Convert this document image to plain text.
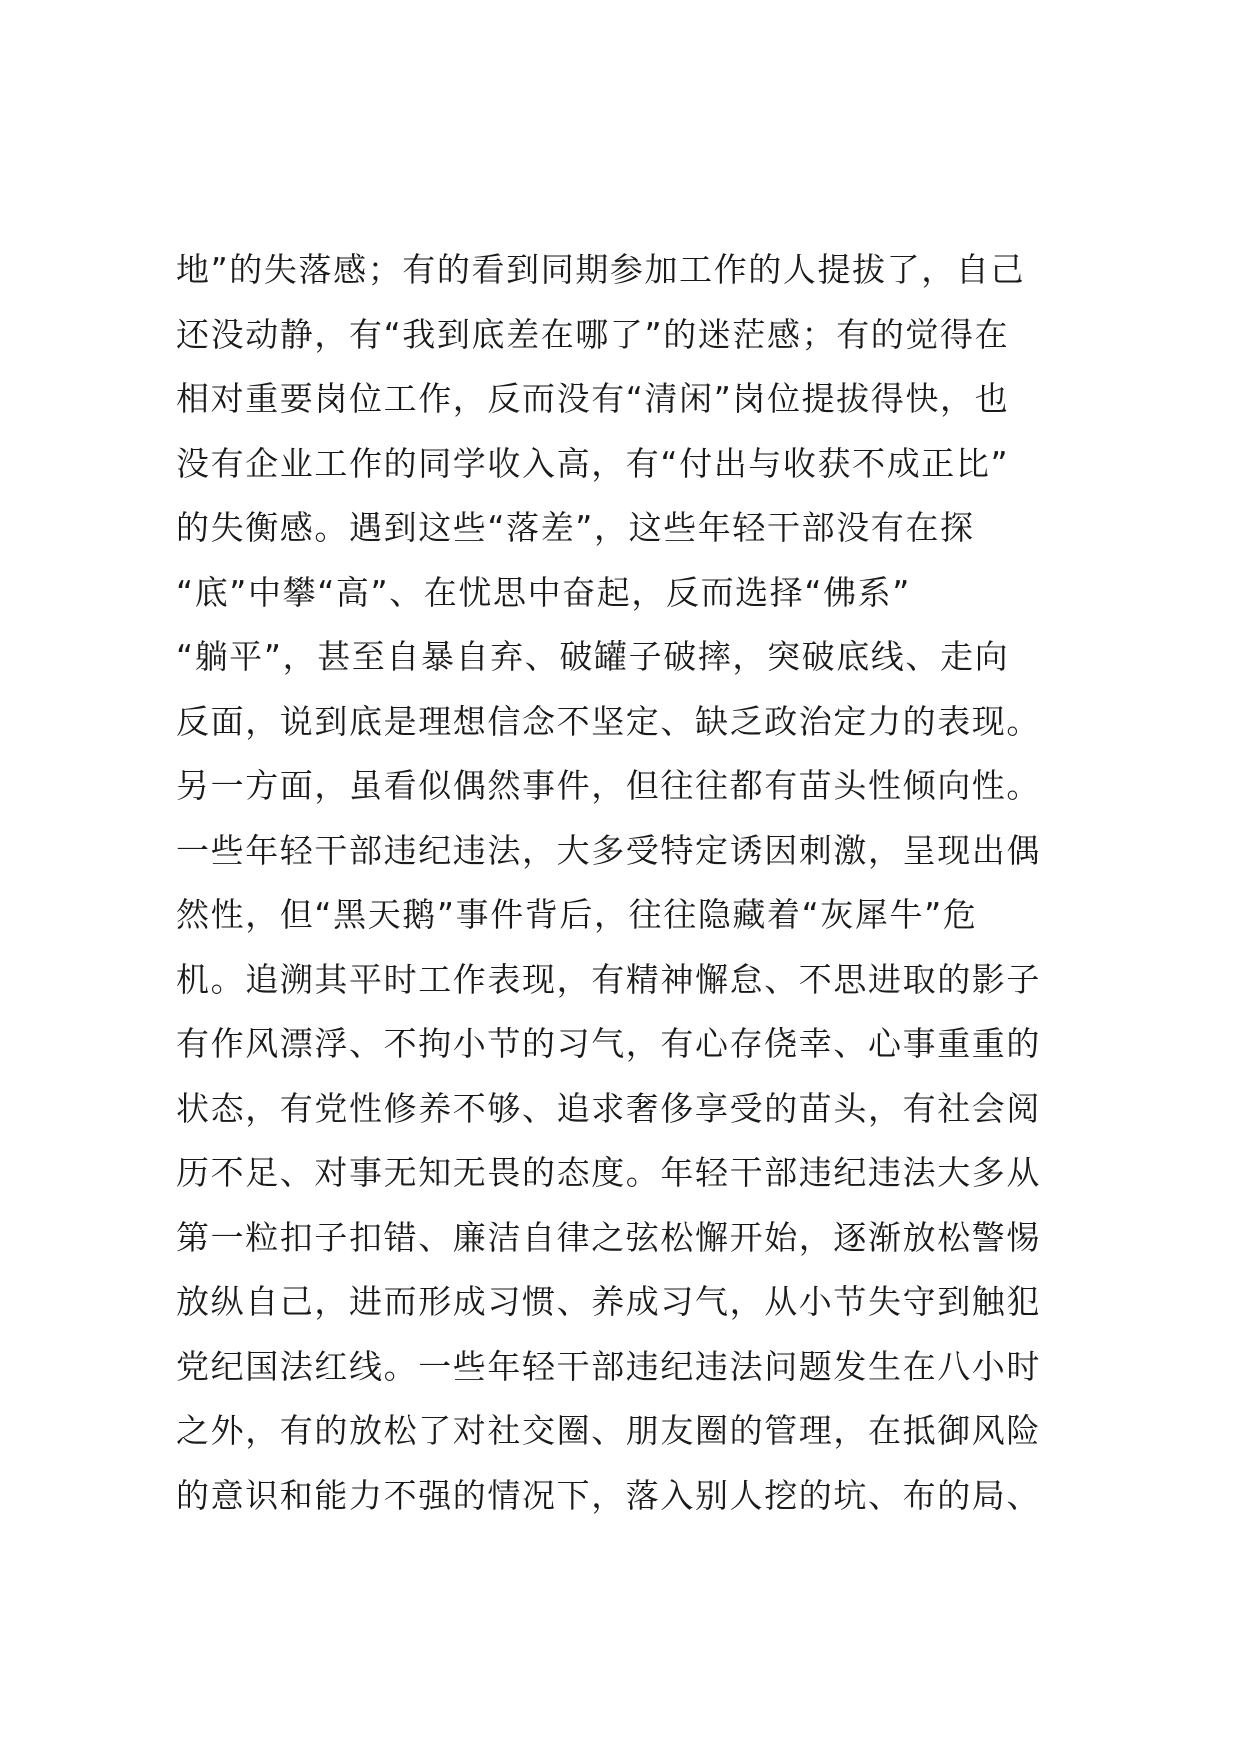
地”的失落感；有的看到同期参加工作的人提拔了，自己
还没动静，有“我到底差在哪了”的迷茫感；有的觉得在
相对重要岗位工作，反而没有“清闲”岗位提拔得快，也
没有企业工作的同学收入高，有“付出与收获不成正比”
的失衡感。遇到这些“落差”，这些年轻干部没有在探
“底”中攀“高”、在忧思中奋起，反而选择“佛系”
“躺平”，甚至自暴自弃、破罐子破摔，突破底线、走向
反面，说到底是理想信念不坚定、缺乏政治定力的表现。
另一方面，虽看似偶然事件，但往往都有苗头性倾向性。
一些年轻干部违纪违法，大多受特定诱因刺激，呈现出偶
然性，但“黑天鹅”事件背后，往往隐藏着“灰犀牛”危
机。追溯其平时工作表现，有精神懈怠、不思进取的影子
有作风漂浮、不拘小节的习气，有心存侥幸、心事重重的
状态，有党性修养不够、追求奢侈享受的苗头，有社会阅
历不足、对事无知无畏的态度。年轻干部违纪违法大多从
第一粒扣子扣错、廉洁自律之弦松懈开始，逐渐放松警惕
放纵自己，进而形成习惯、养成习气，从小节失守到触犯
党纪国法红线。一些年轻干部违纪违法问题发生在八小时
之外，有的放松了对社交圈、朋友圈的管理，在抵御风险
的意识和能力不强的情况下，落入别人挖的坑、布的局、
